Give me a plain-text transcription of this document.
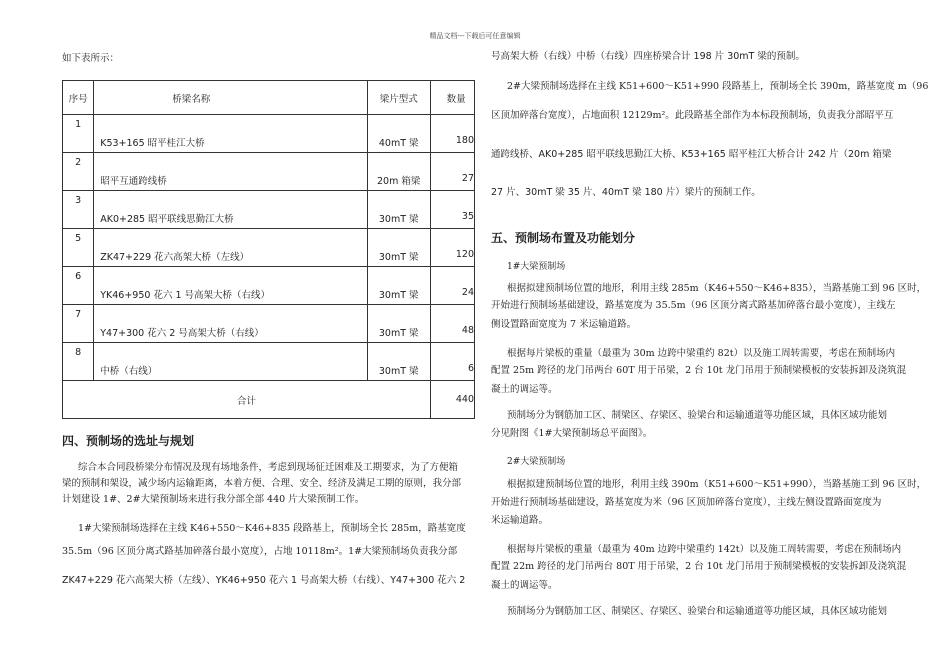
精品文档---下载后可任意编辑
如下表所示：
序号	桥梁名称	梁片型式	数量

1	K53+165 昭平桂江大桥	40mT 梁	180

2	昭平互通跨线桥	20m 箱梁	27

3	AK0+285 昭平联线思勤江大桥	30mT 梁	35

5	ZK47+229 花六高架大桥（左线）	30mT 梁	120

6	YK46+950 花六 1 号高架大桥（右线）	30mT 梁	24

7	Y47+300 花六 2 号高架大桥（右线）	30mT 梁	48

8	中桥（右线）	30mT 梁	6

合计			440
四、预制场的选址与规划
综合本合同段桥梁分布情况及现有场地条件，考虑到现场征迁困难及工期要求，为了方便箱
梁的预制和架设，减少场内运输距离，本着方便、合理、安全、经济及满足工期的原则，我分部
计划建设 1#、2#大梁预制场来进行我分部全部 440 片大梁预制工作。
1#大梁预制场选择在主线 K46+550～K46+835 段路基上，预制场全长 285m，路基宽度
35.5m（96 区顶分离式路基加碎落台最小宽度），占地 10118m²。1#大梁预制场负责我分部
ZK47+229 花六高架大桥（左线）、YK46+950 花六 1 号高架大桥（右线）、Y47+300 花六 2
号高架大桥（右线）中桥（右线）四座桥梁合计 198 片 30mT 梁的预制。
2#大梁预制场选择在主线 K51+600～K51+990 段路基上，预制场全长 390m，路基宽度 m（96
区顶加碎落台宽度），占地面积 12129m²。此段路基全部作为本标段预制场，负责我分部昭平互
通跨线桥、AK0+285 昭平联线思勤江大桥、K53+165 昭平桂江大桥合计 242 片（20m 箱梁
27 片、30mT 梁 35 片、40mT 梁 180 片）梁片的预制工作。
五、预制场布置及功能划分
1#大梁预制场
根据拟建预制场位置的地形，利用主线 285m（K46+550～K46+835），当路基施工到 96 区时，
开始进行预制场基础建设，路基宽度为 35.5m（96 区顶分离式路基加碎落台最小宽度），主线左
侧设置路面宽度为 7 米运输道路。
根据每片梁板的重量（最重为 30m 边跨中梁重约 82t）以及施工周转需要，考虑在预制场内
配置 25m 跨径的龙门吊两台 60T 用于吊梁，2 台 10t 龙门吊用于预制梁模板的安装拆卸及浇筑混
凝土的调运等。
预制场分为钢筋加工区、制梁区、存梁区、验梁台和运输通道等功能区域，具体区域功能划
分见附图《1#大梁预制场总平面图》。
2#大梁预制场
根据拟建预制场位置的地形，利用主线 390m（K51+600～K51+990），当路基施工到 96 区时，
开始进行预制场基础建设，路基宽度为米（96 区顶加碎落台宽度），主线左侧设置路面宽度为
米运输道路。
根据每片梁板的重量（最重为 40m 边跨中梁重约 142t）以及施工周转需要，考虑在预制场内
配置 22m 跨径的龙门吊两台 80T 用于吊梁，2 台 10t 龙门吊用于预制梁模板的安装拆卸及浇筑混
凝土的调运等。
预制场分为钢筋加工区、制梁区、存梁区、验梁台和运输通道等功能区域，具体区域功能划
